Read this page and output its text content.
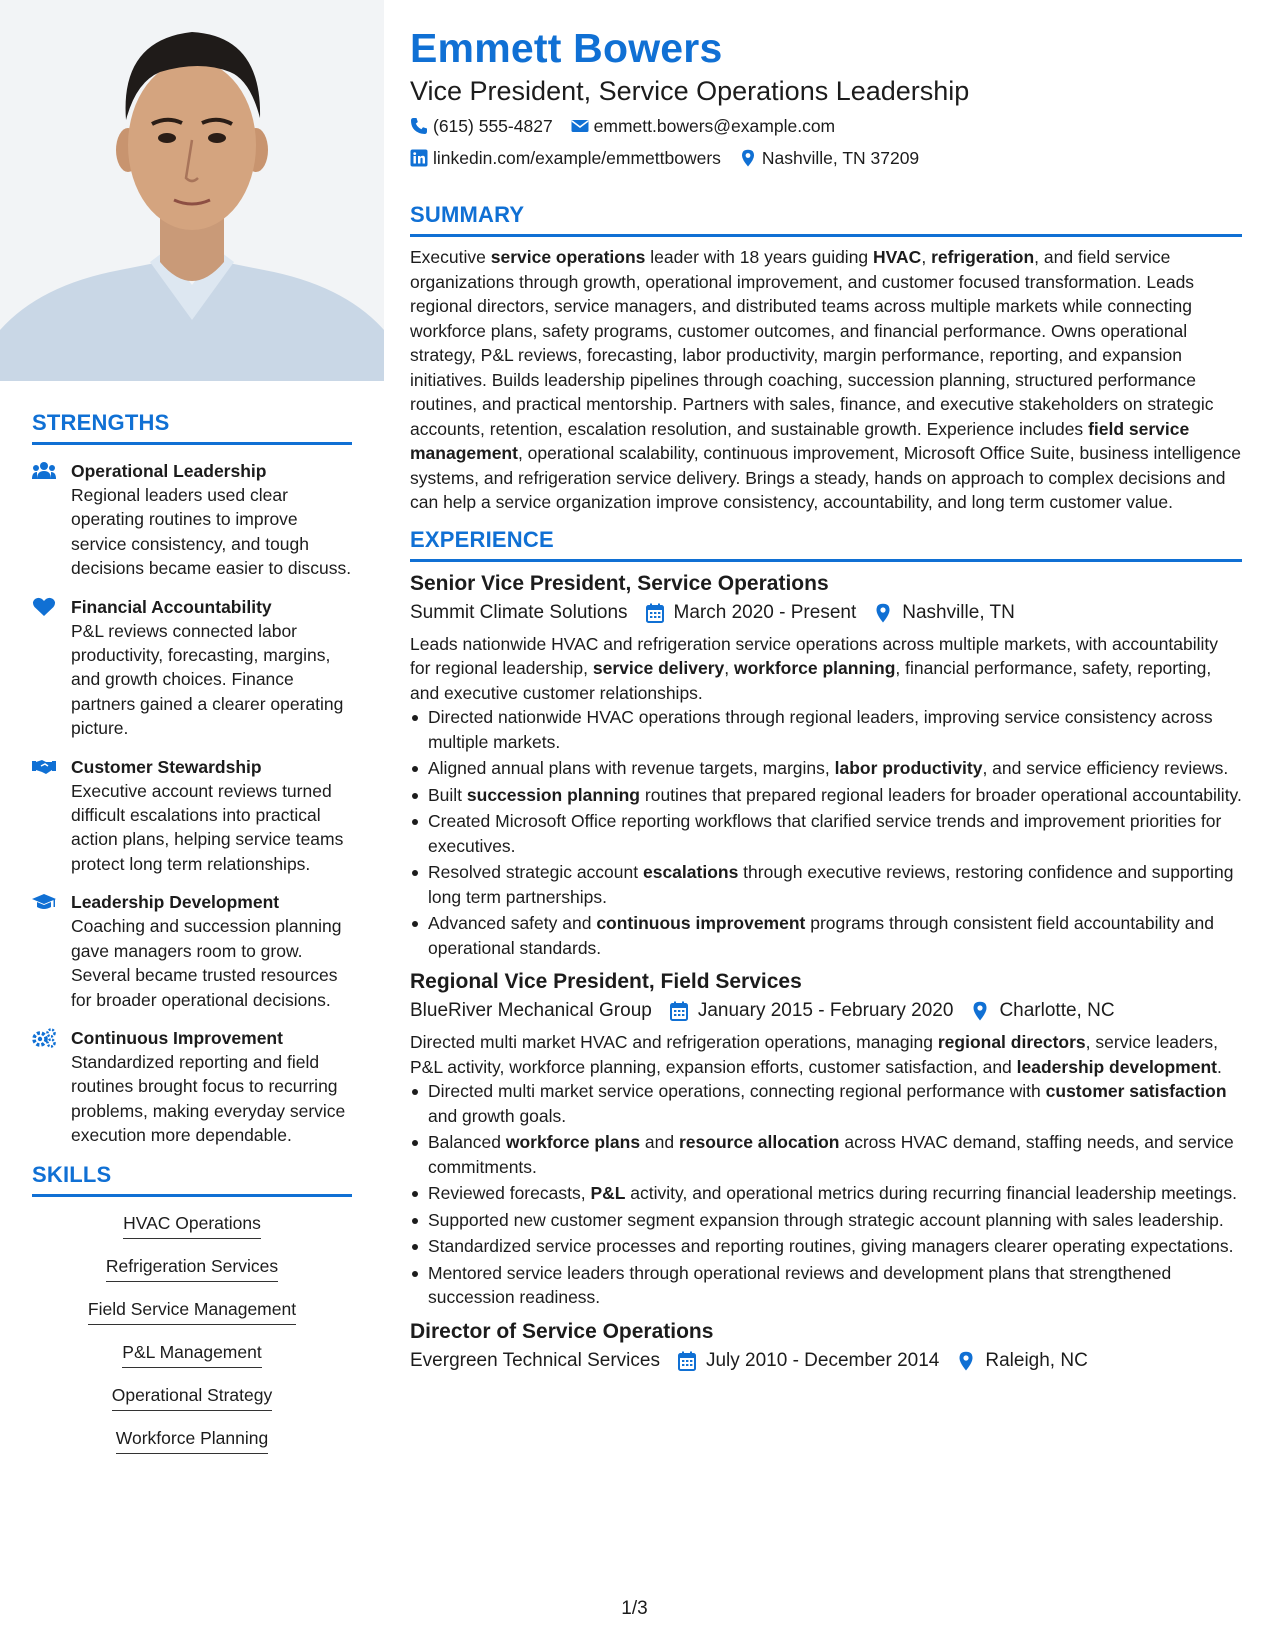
STRENGTHS
Operational Leadership
Regional leaders used clear operating routines to improve service consistency, and tough decisions became easier to discuss.
Financial Accountability
P&L reviews connected labor productivity, forecasting, margins, and growth choices. Finance partners gained a clearer operating picture.
Customer Stewardship
Executive account reviews turned difficult escalations into practical action plans, helping service teams protect long term relationships.
Leadership Development
Coaching and succession planning gave managers room to grow. Several became trusted resources for broader operational decisions.
Continuous Improvement
Standardized reporting and field routines brought focus to recurring problems, making everyday service execution more dependable.
SKILLS
HVAC Operations
Refrigeration Services
Field Service Management
P&L Management
Operational Strategy
Workforce Planning
Emmett Bowers
Vice President, Service Operations Leadership
(615) 555-4827 emmett.bowers@example.com
linkedin.com/example/emmettbowers Nashville, TN 37209
SUMMARY
Executive service operations leader with 18 years guiding HVAC, refrigeration, and field service organizations through growth, operational improvement, and customer focused transformation. Leads regional directors, service managers, and distributed teams across multiple markets while connecting workforce plans, safety programs, customer outcomes, and financial performance. Owns operational strategy, P&L reviews, forecasting, labor productivity, margin performance, reporting, and expansion initiatives. Builds leadership pipelines through coaching, succession planning, structured performance routines, and practical mentorship. Partners with sales, finance, and executive stakeholders on strategic accounts, retention, escalation resolution, and sustainable growth. Experience includes field service management, operational scalability, continuous improvement, Microsoft Office Suite, business intelligence systems, and refrigeration service delivery. Brings a steady, hands on approach to complex decisions and can help a service organization improve consistency, accountability, and long term customer value.
EXPERIENCE
Senior Vice President, Service Operations
Summit Climate Solutions March 2020 - Present Nashville, TN
Leads nationwide HVAC and refrigeration service operations across multiple markets, with accountability for regional leadership, service delivery, workforce planning, financial performance, safety, reporting, and executive customer relationships.
Directed nationwide HVAC operations through regional leaders, improving service consistency across multiple markets.
Aligned annual plans with revenue targets, margins, labor productivity, and service efficiency reviews.
Built succession planning routines that prepared regional leaders for broader operational accountability.
Created Microsoft Office reporting workflows that clarified service trends and improvement priorities for executives.
Resolved strategic account escalations through executive reviews, restoring confidence and supporting long term partnerships.
Advanced safety and continuous improvement programs through consistent field accountability and operational standards.
Regional Vice President, Field Services
BlueRiver Mechanical Group January 2015 - February 2020 Charlotte, NC
Directed multi market HVAC and refrigeration operations, managing regional directors, service leaders, P&L activity, workforce planning, expansion efforts, customer satisfaction, and leadership development.
Directed multi market service operations, connecting regional performance with customer satisfaction and growth goals.
Balanced workforce plans and resource allocation across HVAC demand, staffing needs, and service commitments.
Reviewed forecasts, P&L activity, and operational metrics during recurring financial leadership meetings.
Supported new customer segment expansion through strategic account planning with sales leadership.
Standardized service processes and reporting routines, giving managers clearer operating expectations.
Mentored service leaders through operational reviews and development plans that strengthened succession readiness.
Director of Service Operations
Evergreen Technical Services July 2010 - December 2014 Raleigh, NC
1/3
